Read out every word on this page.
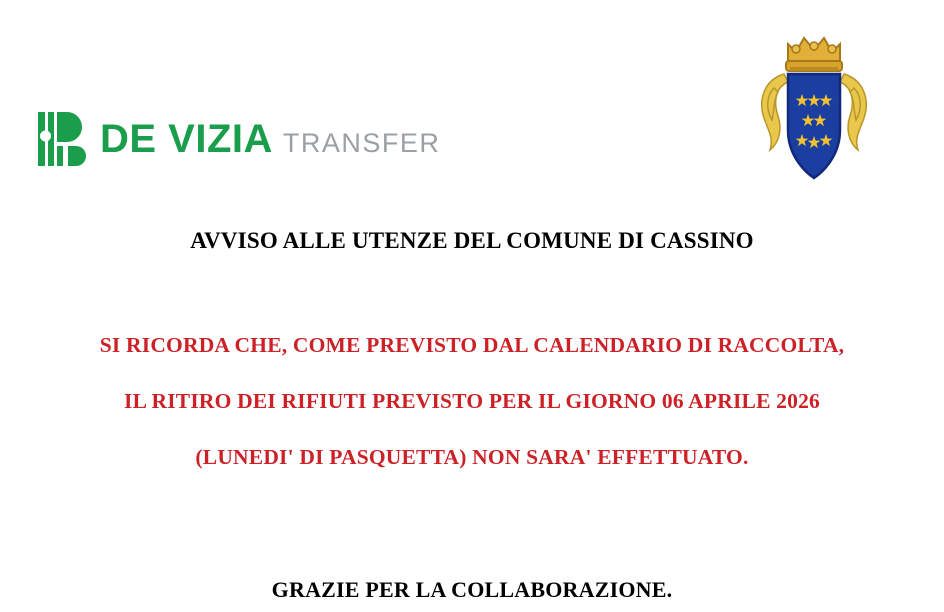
DE VIZIA TRANSFER
AVVISO ALLE UTENZE DEL COMUNE DI CASSINO
SI RICORDA CHE, COME PREVISTO DAL CALENDARIO DI RACCOLTA,
IL RITIRO DEI RIFIUTI PREVISTO PER IL GIORNO 06 APRILE 2026
(LUNEDI' DI PASQUETTA) NON SARA' EFFETTUATO.
GRAZIE PER LA COLLABORAZIONE.
